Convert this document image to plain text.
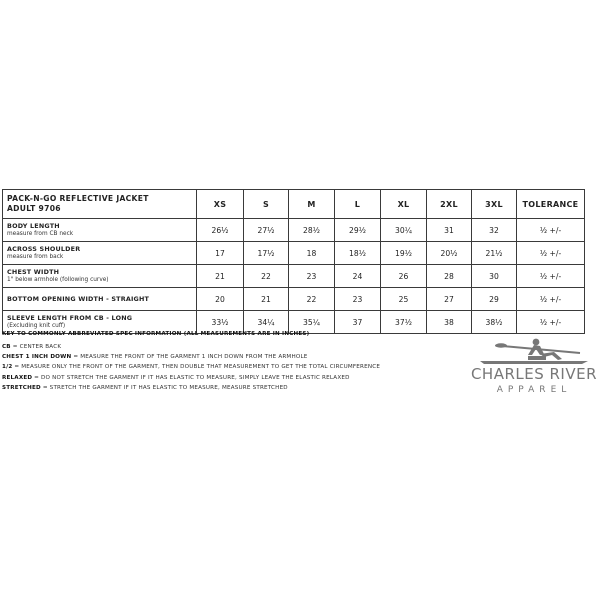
PACK-N-GO REFLECTIVE JACKET
ADULT 9706	XS	S	M	L	XL	2XL	3XL	TOLERANCE

BODY LENGTH
measure from CB neck	26½	27½	28½	29½	30¼	31	32	½ +/-

ACROSS SHOULDER
measure from back	17	17½	18	18½	19½	20½	21½	½ +/-

CHEST WIDTH
1" below armhole (following curve)	21	22	23	24	26	28	30	½ +/-

BOTTOM OPENING WIDTH - STRAIGHT	20	21	22	23	25	27	29	½ +/-

SLEEVE LENGTH FROM CB - LONG
(Excluding knit cuff)	33½	34¼	35¼	37	37½	38	38½	½ +/-
KEY TO COMMONLY ABBREVIATED SPEC INFORMATION (ALL MEASUREMENTS ARE IN INCHES)
CB = CENTER BACK
CHEST 1 INCH DOWN = MEASURE THE FRONT OF THE GARMENT 1 INCH DOWN FROM THE ARMHOLE
1/2 = MEASURE ONLY THE FRONT OF THE GARMENT, THEN DOUBLE THAT MEASUREMENT TO GET THE TOTAL CIRCUMFERENCE
RELAXED = DO NOT STRETCH THE GARMENT IF IT HAS ELASTIC TO MEASURE, SIMPLY LEAVE THE ELASTIC RELAXED
STRETCHED = STRETCH THE GARMENT IF IT HAS ELASTIC TO MEASURE, MEASURE STRETCHED
CHARLES RIVER
APPAREL
